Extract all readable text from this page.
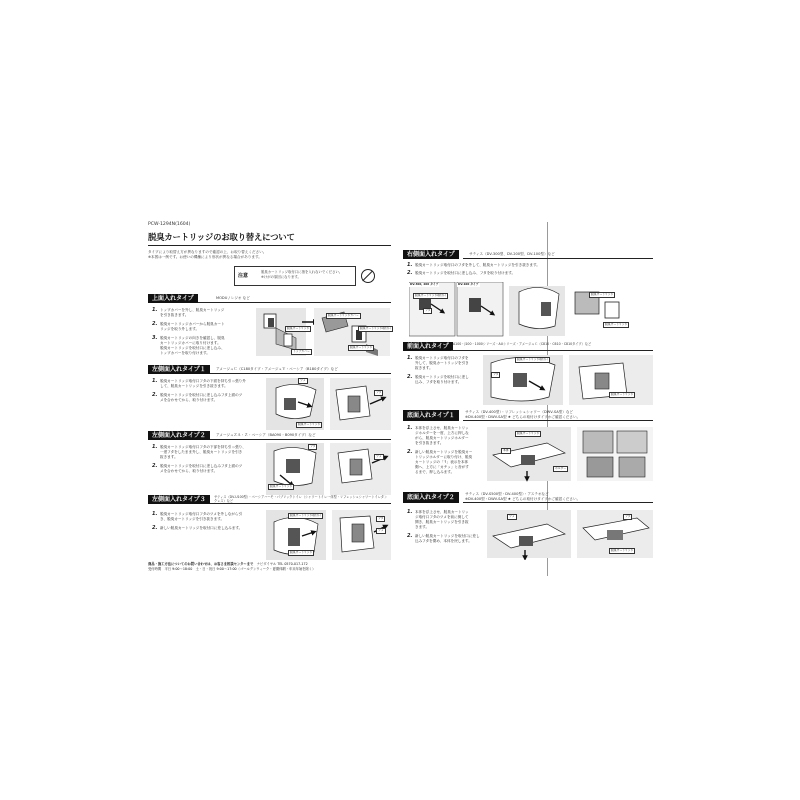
PCW-1294N(1604)
脱臭カートリッジのお取り替えについて
タイプにより取替え方が異なりますので確認の上、お取り替えください。
※本図は一例です。お使いの機種により形状が異なる場合があります。
注意
脱臭カートリッジ取付口に指を入れないでください。
※けがの原因になります。
上面入れタイプ	MODU / レジオ など
1. トップカバーを外し、脱臭カートリッジ
を引き抜きます。
2. 脱臭カートリッジカバーから脱臭カート
リッジを取り外します。
3. 脱臭カートリッジの向きを確認し、脱臭
カートリッジカバーに取り付けます。
脱臭カートリッジを取付口に差し込み、
トップカバーを取り付けます。
脱臭カートリッジ
脱臭カートリッジカバー
脱臭カートリッジ取付口
脱臭カートリッジ
トップカバー
左側面入れタイプ１	アメージュＣ（C180タイプ・アメージュＶ・ベーシア（B180タイプ）など
1. 脱臭カートリッジ取付口フタの下面を持ち引っ張り外
して、脱臭カートリッジを引き抜きます。
2. 脱臭カートリッジを取付口に差し込みフタ上面のツ
メを合わせてから、取り付けます。
ツメ
フタ
脱臭カートリッジ
左側面入れタイプ２	アメージュＺＡ・Ｚ・ベーシア（BA090・B090タイプ）など
1. 脱臭カートリッジ取付口フタの下部を持ち引っ張り、
一度フタをしたまま外し、脱臭カートリッジを引き
抜きます。
2. 脱臭カートリッジを取付口に差し込みフタ上面のツ
メを合わせてから、取り付けます。
フタ
脱臭カートリッジ
ツメ
左側面入れタイプ３	サティス（DV-U100型）・ベーシアハーモ・パブリックトイレ（シャワートイレ一体型・リフレッシュシャワートイレタンクレス）など
1. 脱臭カートリッジ取付口フタのツメを外しながら引
き、脱臭カートリッジを引き抜きます。
2. 新しい脱臭カートリッジを取付口に差し込みます。
脱臭カートリッジ取付口
脱臭カートリッジ
フタ
ツメ
商品・施工方法についてのお問い合わせは、お客さま相談センターまで　 ナビダイヤル TEL 0570-017-172
受付時間　平日 9:00～18:00　土・日・祝日 9:00～17:00（ゴールデンウィーク・夏期休暇・年末年始を除く）
右側面入れタイプ	サティス（DV-300型、DV-200型、DV-100型）など
1. 脱臭カートリッジ取付口のフタを外して、脱臭カートリッジを引き抜きます。
2. 脱臭カートリッジを取付口に差し込み、フタを取り付けます。
DV-300, 200 タイプ	DV-100 タイプ
脱臭カートリッジ取付口
フタ
脱臭カートリッジ
脱臭カートリッジ
前面入れタイプ	A100・J100・1000シリーズ・AUシリーズ・アメージュＣ（C810・C610・C810タイプ）など
1. 脱臭カートリッジ取付口のフタを
外して、脱臭カートリッジを引き
抜きます。
2. 脱臭カートリッジを取付口に差し
込み、フタを取り付けます。
脱臭カートリッジ取付口
フタ
脱臭カートリッジ
底面入れタイプ１	サティス（DV-400型）・リフレッシュシャワー（DWV-SA型）など
※DV-400型・DWV-SA型 ★ どちらの取付けタイプかご確認ください。
1. 本体を浮上させ、脱臭カートリッ
ジホルダーを一度、上方に押しな
がら、脱臭カートリッジホルダー
を引き抜きます。
2. 新しい脱臭カートリッジを脱臭カー
トリッジホルダーに取り付け、脱臭
カートリッジの「↑」表示を本体
側へ、上方に「カチッ」と音がす
るまで、押し込みます。
脱臭カートリッジ
ホルダー
本体
底面入れタイプ２	サティス（DV-S500型・DV-400型）・アステオなど
※DV-400型・DWV-SA型 ★ どちらの取付けタイプかご確認ください。
1. 本体を浮上させ、脱臭カートリッ
ジ取付口フタのツメを前に倒して
開き、脱臭カートリッジを引き抜
きます。
2. 新しい脱臭カートリッジを取付口に差し
込みフタを閉め、本体を戻します。
ツメ	フタ
脱臭カートリッジ
